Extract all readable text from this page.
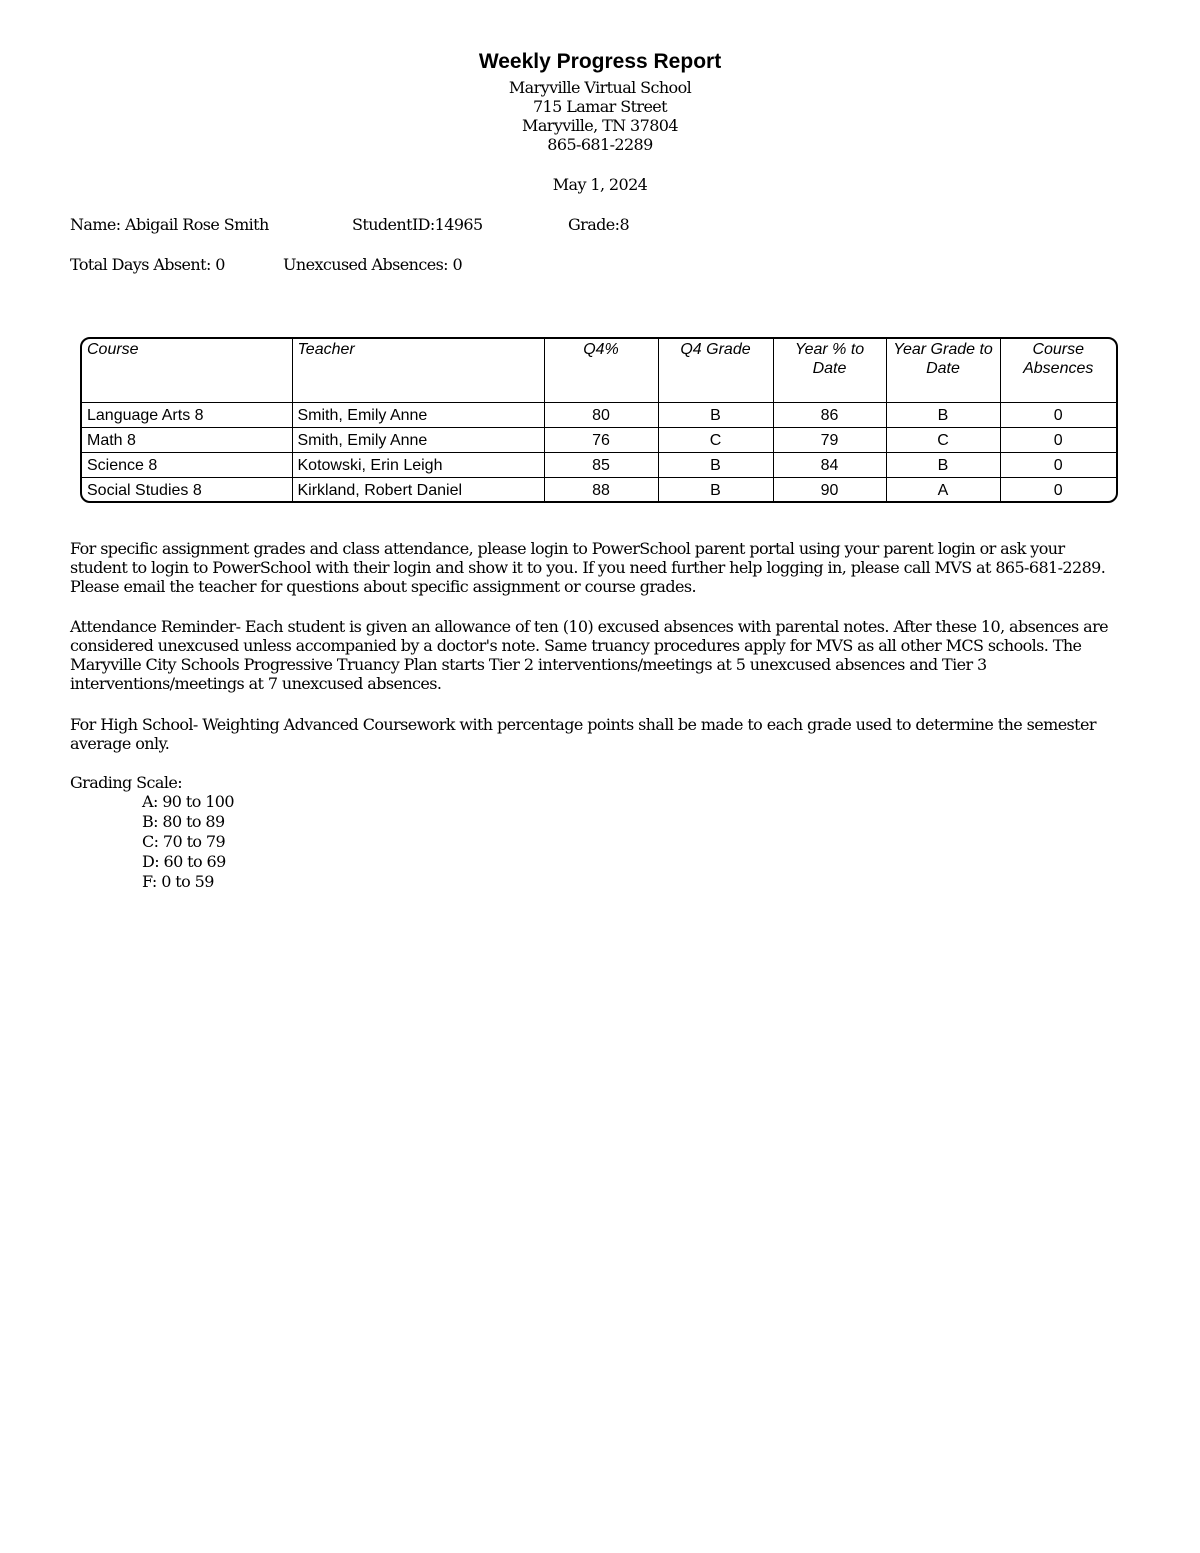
Weekly Progress Report
Maryville Virtual School
715 Lamar Street
Maryville, TN 37804
865-681-2289
May 1, 2024
Name: Abigail Rose Smith	StudentID:14965	Grade:8
Total Days Absent: 0	Unexcused Absences: 0
Course	Teacher	Q4%	Q4 Grade	Year % to Date	Year Grade to Date	Course Absences
Language Arts 8	Smith, Emily Anne	80	B	86	B	0
Math 8	Smith, Emily Anne	76	C	79	C	0
Science 8	Kotowski, Erin Leigh	85	B	84	B	0
Social Studies 8	Kirkland, Robert Daniel	88	B	90	A	0
For specific assignment grades and class attendance, please login to PowerSchool parent portal using your parent login or ask your student to login to PowerSchool with their login and show it to you. If you need further help logging in, please call MVS at 865-681-2289. Please email the teacher for questions about specific assignment or course grades.
Attendance Reminder- Each student is given an allowance of ten (10) excused absences with parental notes. After these 10, absences are considered unexcused unless accompanied by a doctor's note. Same truancy procedures apply for MVS as all other MCS schools. The Maryville City Schools Progressive Truancy Plan starts Tier 2 interventions/meetings at 5 unexcused absences and Tier 3 interventions/meetings at 7 unexcused absences.
For High School- Weighting Advanced Coursework with percentage points shall be made to each grade used to determine the semester average only.
Grading Scale:
A: 90 to 100
B: 80 to 89
C: 70 to 79
D: 60 to 69
F: 0 to 59
